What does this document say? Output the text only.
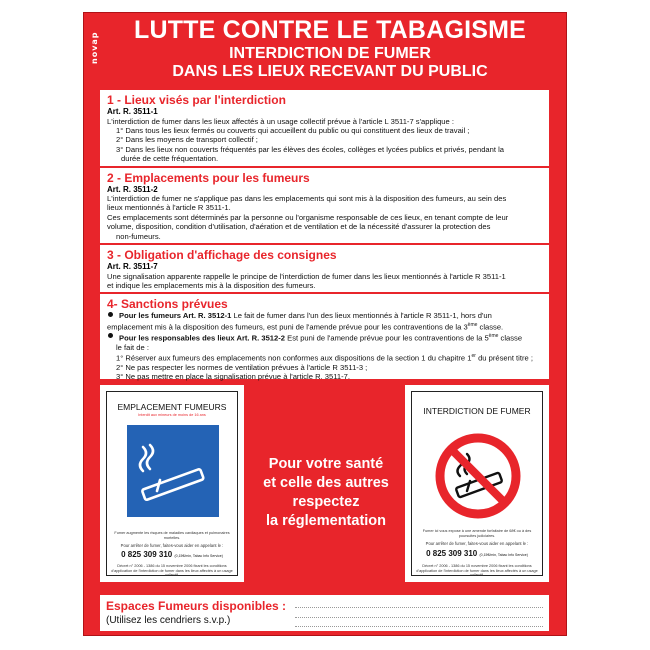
novap
LUTTE CONTRE LE TABAGISME
INTERDICTION DE FUMER
DANS LES LIEUX RECEVANT DU PUBLIC
1 - Lieux visés par l'interdiction
Art. R. 3511-1
L'interdiction de fumer dans les lieux affectés à un usage collectif prévue à l'article L 3511-7 s'applique :
1° Dans tous les lieux fermés ou couverts qui accueillent du public ou qui constituent des lieux de travail ;
2° Dans les moyens de transport collectif ;
3° Dans les lieux non couverts fréquentés par les élèves des écoles, collèges et lycées publics et privés, pendant la
durée de cette fréquentation.
2 - Emplacements pour les fumeurs
Art. R. 3511-2
L'interdiction de fumer ne s'applique pas dans les emplacements qui sont mis à la disposition des fumeurs, au sein des
lieux mentionnés à l'article R 3511-1.
Ces emplacements sont déterminés par la personne ou l'organisme responsable de ces lieux, en tenant compte de leur
volume, disposition, condition d'utilisation, d'aération et de ventilation et de la nécessité d'assurer la protection des
non-fumeurs.
3 - Obligation d'affichage des consignes
Art. R. 3511-7
Une signalisation apparente rappelle le principe de l'interdiction de fumer dans les lieux mentionnés à l'article R 3511-1
et indique les emplacements mis à la disposition des fumeurs.
4- Sanctions prévues
Pour les fumeurs Art. R. 3512-1 Le fait de fumer dans l'un des lieux mentionnés à l'article R 3511-1, hors d'un
emplacement mis à la disposition des fumeurs, est puni de l'amende prévue pour les contraventions de la 3ème classe.
Pour les responsables des lieux Art. R. 3512-2 Est puni de l'amende prévue pour les contraventions de la 5ème classe
le fait de :
1° Réserver aux fumeurs des emplacements non conformes aux dispositions de la section 1 du chapitre 1er du présent titre ;
2° Ne pas respecter les normes de ventilation prévues à l'article R 3511-3 ;
3° Ne pas mettre en place la signalisation prévue à l'article R. 3511-7.
EMPLACEMENT FUMEURS
Interdit aux mineurs de moins de 16 ans
Fumer augmente les risques de maladies cardiaques et pulmonaires mortelles.
Pour arrêter de fumer, faites-vous aider en appelant le :
0 825 309 310 (0,15€/min, Tabac Info Service)
Décret n° 2006 - 1386 du 15 novembre 2006 fixant les conditions d'application de l'interdiction de fumer dans les lieux affectés à un usage collectif.
Pour votre santé
et celle des autres
respectez
la réglementation
INTERDICTION DE FUMER
Fumer ici vous expose à une amende forfaitaire de 68€ ou à des poursuites judiciaires.
Pour arrêter de fumer, faites-vous aider en appelant le :
0 825 309 310 (0,15€/min, Tabac Info Service)
Décret n° 2006 - 1386 du 15 novembre 2006 fixant les conditions d'application de l'interdiction de fumer dans les lieux affectés à un usage collectif.
Espaces Fumeurs disponibles :
(Utilisez les cendriers s.v.p.)
